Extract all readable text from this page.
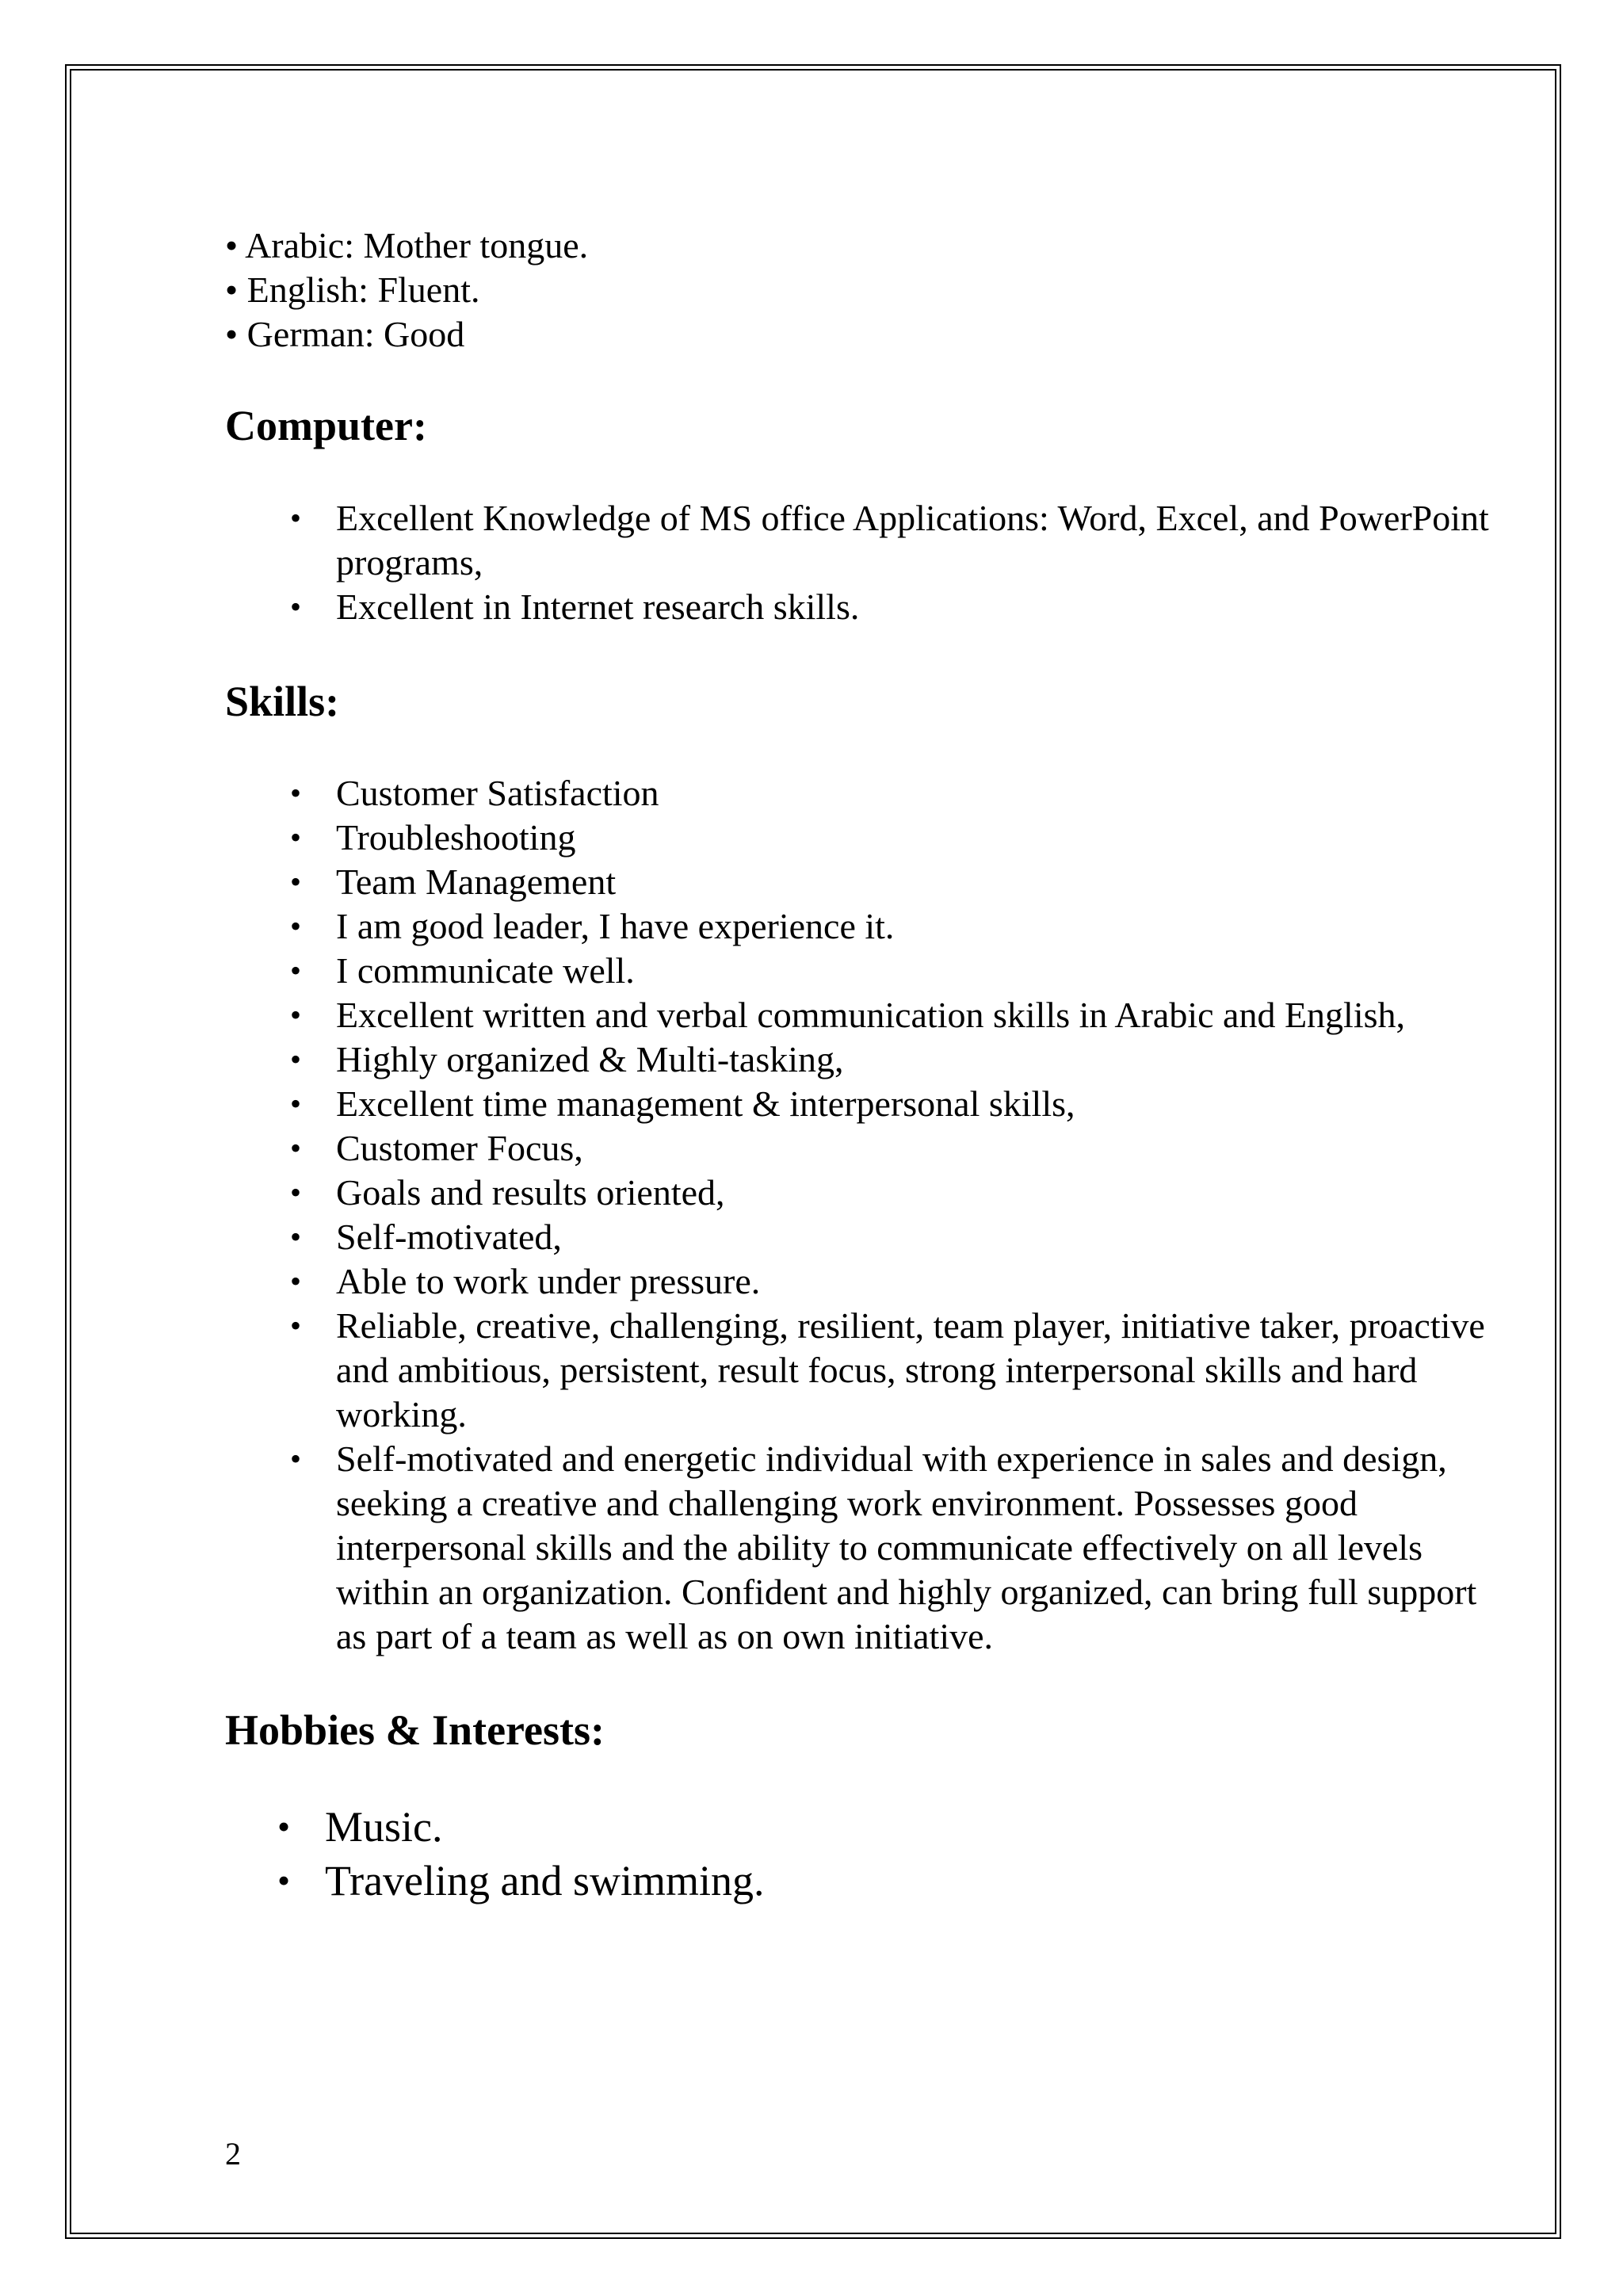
• Arabic: Mother tongue.
• English: Fluent.
• German: Good
Computer:
• Excellent Knowledge of MS office Applications: Word, Excel, and PowerPoint programs,
• Excellent in Internet research skills.
Skills:
• Customer Satisfaction
• Troubleshooting
• Team Management
• I am good leader, I have experience it.
• I communicate well.
• Excellent written and verbal communication skills in Arabic and English,
• Highly organized & Multi-tasking,
• Excellent time management & interpersonal skills,
• Customer Focus,
• Goals and results oriented,
• Self-motivated,
• Able to work under pressure.
• Reliable, creative, challenging, resilient, team player, initiative taker, proactive and ambitious, persistent, result focus, strong interpersonal skills and hard working.
• Self-motivated and energetic individual with experience in sales and design, seeking a creative and challenging work environment. Possesses good interpersonal skills and the ability to communicate effectively on all levels within an organization. Confident and highly organized, can bring full support as part of a team as well as on own initiative.
Hobbies & Interests:
• Music.
• Traveling and swimming.
2
